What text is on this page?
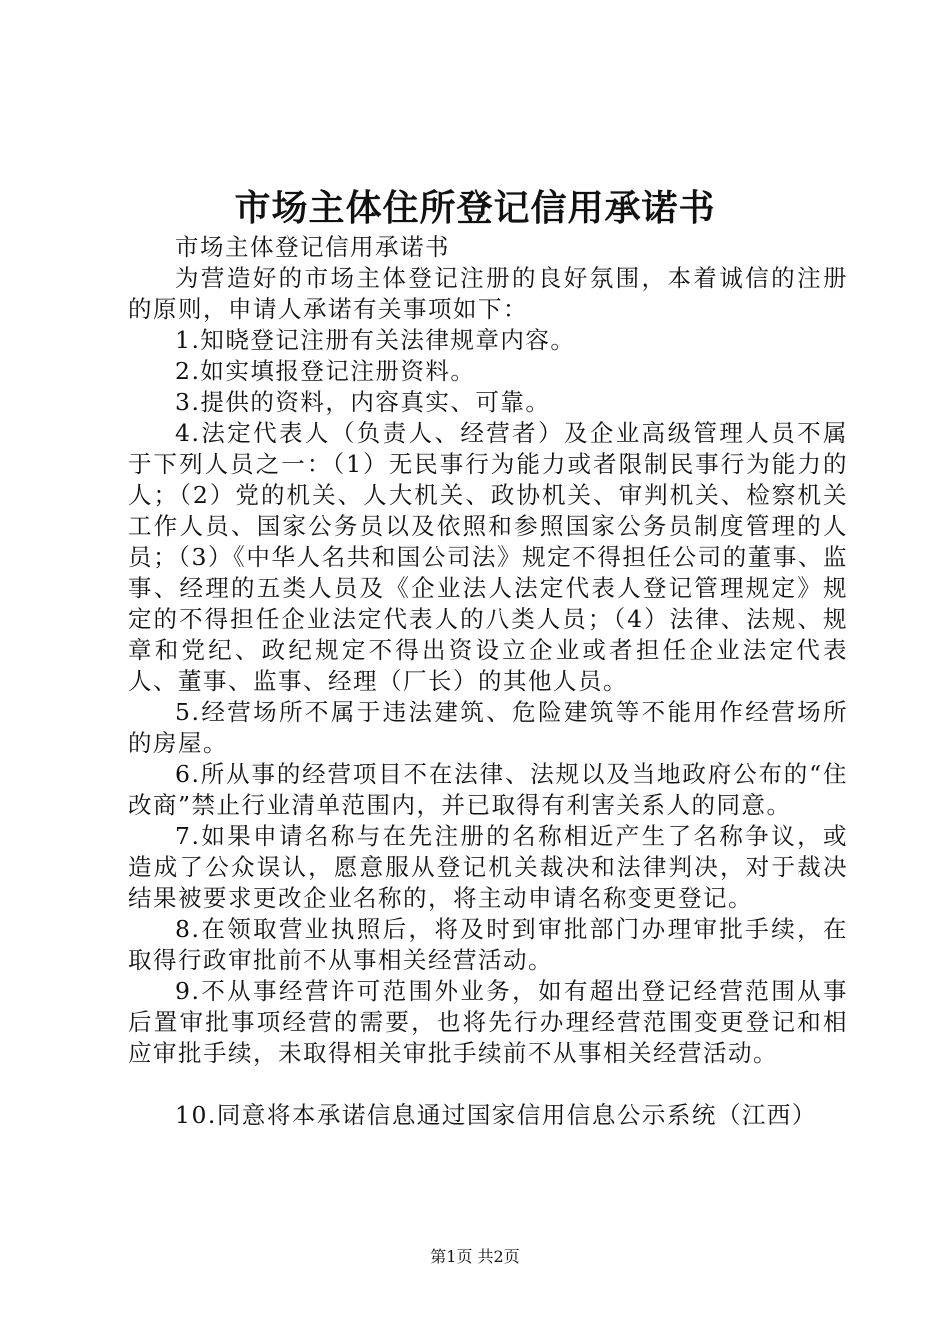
市场主体住所登记信用承诺书

市场主体登记信用承诺书

为营造好的市场主体登记注册的良好氛围，本着诚信的注册的原则，申请人承诺有关事项如下：

1.知晓登记注册有关法律规章内容。

2.如实填报登记注册资料。

3.提供的资料，内容真实、可靠。

4.法定代表人（负责人、经营者）及企业高级管理人员不属于下列人员之一：（1）无民事行为能力或者限制民事行为能力的人；（2）党的机关、人大机关、政协机关、审判机关、检察机关工作人员、国家公务员以及依照和参照国家公务员制度管理的人员；（3）《中华人名共和国公司法》规定不得担任公司的董事、监事、经理的五类人员及《企业法人法定代表人登记管理规定》规定的不得担任企业法定代表人的八类人员；（4）法律、法规、规章和党纪、政纪规定不得出资设立企业或者担任企业法定代表人、董事、监事、经理（厂长）的其他人员。

5.经营场所不属于违法建筑、危险建筑等不能用作经营场所的房屋。

6.所从事的经营项目不在法律、法规以及当地政府公布的“住改商”禁止行业清单范围内，并已取得有利害关系人的同意。

7.如果申请名称与在先注册的名称相近产生了名称争议，或造成了公众误认，愿意服从登记机关裁决和法律判决，对于裁决结果被要求更改企业名称的，将主动申请名称变更登记。

8.在领取营业执照后，将及时到审批部门办理审批手续，在取得行政审批前不从事相关经营活动。

9.不从事经营许可范围外业务，如有超出登记经营范围从事后置审批事项经营的需要，也将先行办理经营范围变更登记和相应审批手续，未取得相关审批手续前不从事相关经营活动。

10.同意将本承诺信息通过国家信用信息公示系统（江西）

第1页 共2页
